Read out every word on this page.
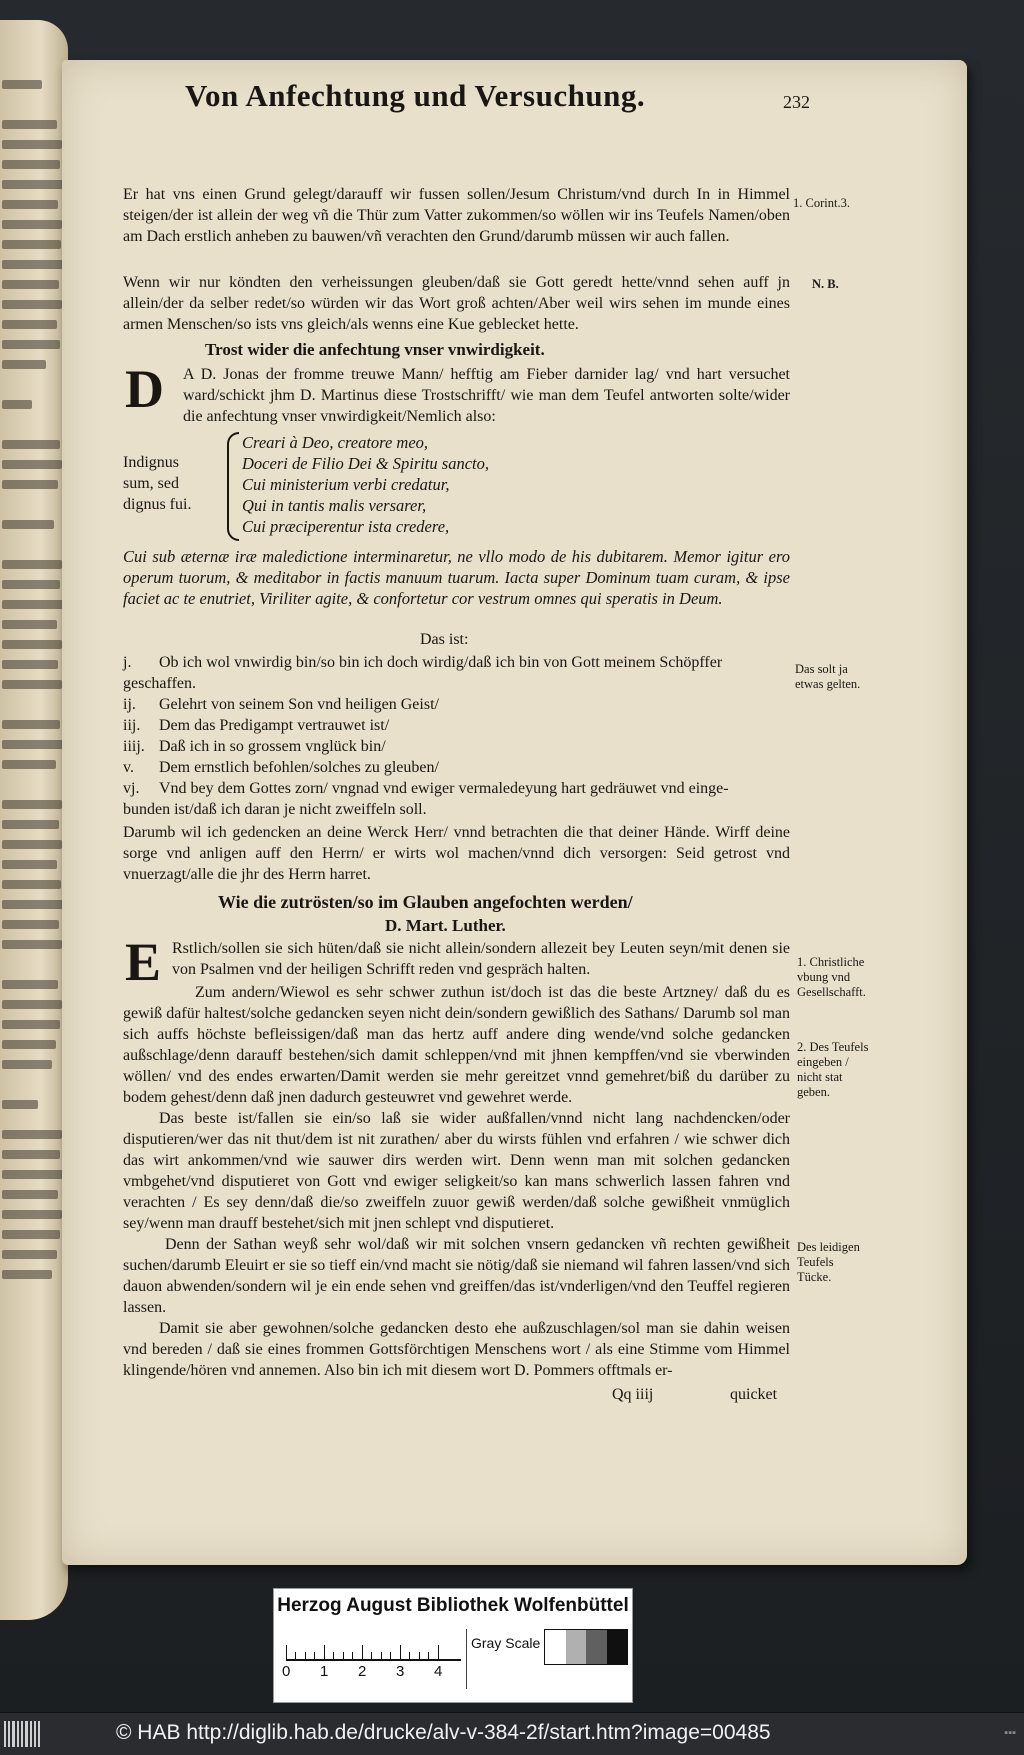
Von Anfechtung und Versuchung.	232
Er hat vns einen Grund gelegt/darauff wir fussen sollen/Jesum Christum/vnd durch In in Himmel steigen/der ist allein der weg vñ die Thür zum Vatter zukommen/so wöllen wir ins Teufels Namen/oben am Dach erstlich anheben zu bauwen/vñ verachten den Grund/darumb müssen wir auch fallen.
Wenn wir nur köndten den verheissungen gleuben/daß sie Gott geredt hette/vnnd sehen auff jn allein/der da selber redet/so würden wir das Wort groß achten/Aber weil wirs sehen im munde eines armen Menschen/so ists vns gleich/als wenns eine Kue geblecket hette.
Trost wider die anfechtung vnser vnwirdigkeit.
D A D. Jonas der fromme treuwe Mann/ hefftig am Fieber darnider lag/ vnd hart versuchet ward/schickt jhm D. Martinus diese Trostschrifft/ wie man dem Teufel antworten solte/wider die anfechtung vnser vnwirdigkeit/Nemlich also:
Indignus sum, sed dignus fui.
Creari à Deo, creatore meo,
Doceri de Filio Dei & Spiritu sancto,
Cui ministerium verbi credatur,
Qui in tantis malis versarer,
Cui præciperentur ista credere,
Cui sub æternæ iræ maledictione interminaretur, ne vllo modo de his dubitarem. Memor igitur ero operum tuorum, & meditabor in factis manuum tuarum. Iacta super Dominum tuam curam, & ipse faciet ac te enutriet, Viriliter agite, & confortetur cor vestrum omnes qui speratis in Deum.
Das ist:
j.	Ob ich wol vnwirdig bin/so bin ich doch wirdig/daß ich bin von Gott meinem Schöpffer
geschaffen.
ij.	Gelehrt von seinem Son vnd heiligen Geist/
iij.	Dem das Predigampt vertrauwet ist/
iiij. Daß ich in so grossem vnglück bin/
v.	Dem ernstlich befohlen/solches zu gleuben/
vj.	Vnd bey dem Gottes zorn/ vngnad vnd ewiger vermaledeyung hart gedräuwet vnd einge-
bunden ist/daß ich daran je nicht zweiffeln soll.
Darumb wil ich gedencken an deine Werck Herr/ vnnd betrachten die that deiner Hände. Wirff deine sorge vnd anligen auff den Herrn/ er wirts wol machen/vnnd dich versorgen: Seid getrost vnd vnuerzagt/alle die jhr des Herrn harret.
Wie die zutrösten/so im Glauben angefochten werden/
D. Mart. Luther.
E Rstlich/sollen sie sich hüten/daß sie nicht allein/sondern allezeit bey Leuten seyn/mit denen sie von Psalmen vnd der heiligen Schrifft reden vnd gespräch halten.
Zum andern/Wiewol es sehr schwer zuthun ist/doch ist das die beste Artzney/ daß du es gewiß dafür haltest/solche gedancken seyen nicht dein/sondern gewißlich des Sathans/ Darumb sol man sich auffs höchste befleissigen/daß man das hertz auff andere ding wende/vnd solche gedancken außschlage/denn darauff bestehen/sich damit schleppen/vnd mit jhnen kempffen/vnd sie vberwinden wöllen/ vnd des endes erwarten/Damit werden sie mehr gereitzet vnnd gemehret/biß du darüber zu bodem gehest/denn daß jnen dadurch gesteuwret vnd gewehret werde.
Das beste ist/fallen sie ein/so laß sie wider außfallen/vnnd nicht lang nachdencken/oder disputieren/wer das nit thut/dem ist nit zurathen/ aber du wirsts fühlen vnd erfahren / wie schwer dich das wirt ankommen/vnd wie sauwer dirs werden wirt. Denn wenn man mit solchen gedancken vmbgehet/vnd disputieret von Gott vnd ewiger seligkeit/so kan mans schwerlich lassen fahren vnd verachten / Es sey denn/daß die/so zweiffeln zuuor gewiß werden/daß solche gewißheit vnmüglich sey/wenn man drauff bestehet/sich mit jnen schlept vnd disputieret.
Denn der Sathan weyß sehr wol/daß wir mit solchen vnsern gedancken vñ rechten gewißheit suchen/darumb Eleuirt er sie so tieff ein/vnd macht sie nötig/daß sie niemand wil fahren lassen/vnd sich dauon abwenden/sondern wil je ein ende sehen vnd greiffen/das ist/vnderligen/vnd den Teuffel regieren lassen.
Damit sie aber gewohnen/solche gedancken desto ehe außzuschlagen/sol man sie dahin weisen vnd bereden / daß sie eines frommen Gottsförchtigen Menschens wort / als eine Stimme vom Himmel klingende/hören vnd annemen. Also bin ich mit diesem wort D. Pommers offtmals er-
Qq iiij	quicket
1. Corint.3.
N. B.
Das solt ja etwas gelten.
1. Christliche vbung vnd Gesellschafft.
2. Des Teufels eingeben / nicht stat geben.
Des leidigen Teufels Tücke.
Herzog August Bibliothek Wolfenbüttel
0 1 2 3 4
Gray Scale
© HAB http://diglib.hab.de/drucke/alv-v-384-2f/start.htm?image=00485	▪▪▪
